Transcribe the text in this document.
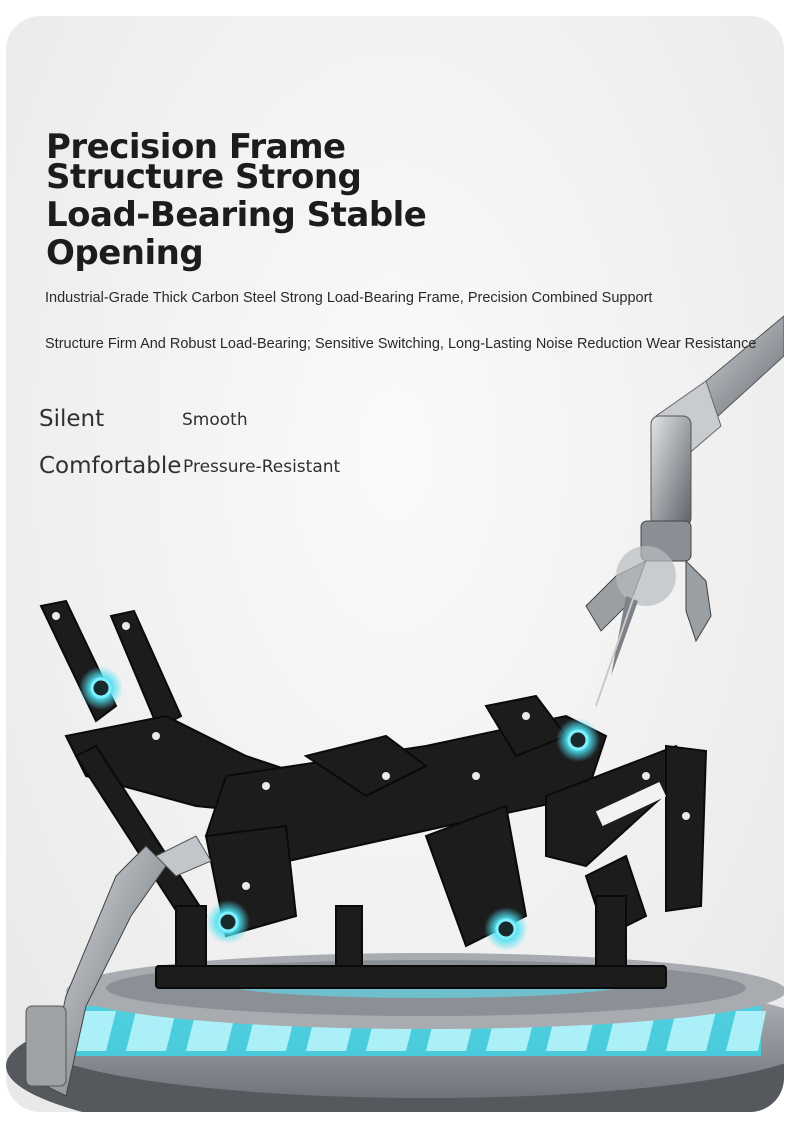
Precision Frame
Structure Strong
Load-Bearing Stable
Opening

Industrial-Grade Thick Carbon Steel Strong Load-Bearing Frame, Precision Combined Support

Structure Firm And Robust Load-Bearing; Sensitive Switching, Long-Lasting Noise Reduction Wear Resistance

Silent	Smooth
Comfortable Pressure-Resistant
